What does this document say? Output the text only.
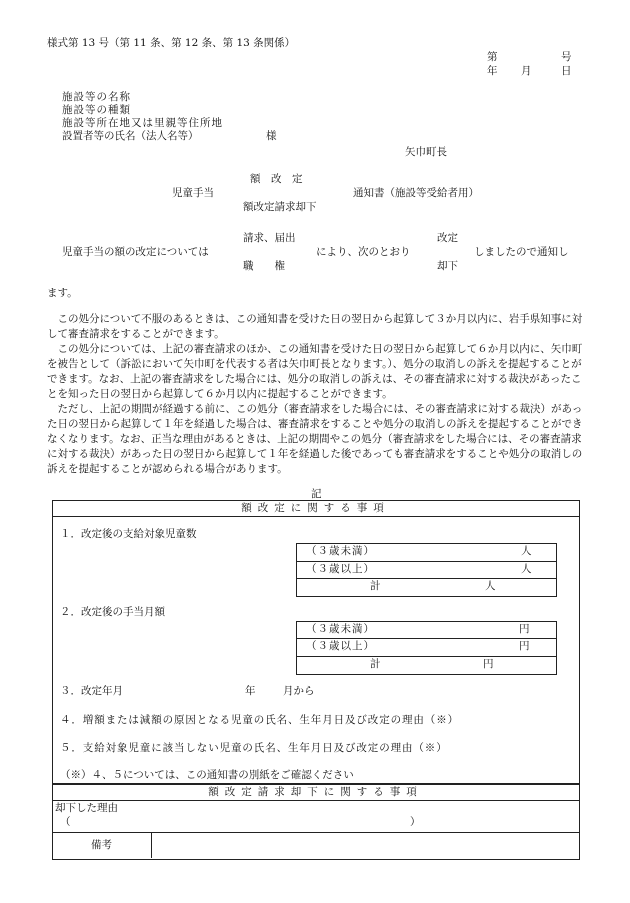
様式第 13 号（第 11 条、第 12 条、第 13 条関係）
第	号
年 月	日
施設等の名称
施設等の種類
施設等所在地又は里親等住所地
設置者等の氏名（法人名等）	様
矢巾町長
額　改　定
児童手当	通知書（施設等受給者用）
額改定請求却下
請求、届出	改定
児童手当の額の改定については	により、次のとおり	しましたので通知し
職　　権	却下
ます。

この処分について不服のあるときは、この通知書を受けた日の翌日から起算して３か月以内に、岩手県知事に対して審査請求をすることができます。

この処分については、上記の審査請求のほか、この通知書を受けた日の翌日から起算して６か月以内に、矢巾町を被告として（訴訟において矢巾町を代表する者は矢巾町長となります。）、処分の取消しの訴えを提起することができます。なお、上記の審査請求をした場合には、処分の取消しの訴えは、その審査請求に対する裁決があったことを知った日の翌日から起算して６か月以内に提起することができます。

ただし、上記の期間が経過する前に、この処分（審査請求をした場合には、その審査請求に対する裁決）があった日の翌日から起算して１年を経過した場合は、審査請求をすることや処分の取消しの訴えを提起することができなくなります。なお、正当な理由があるときは、上記の期間やこの処分（審査請求をした場合には、その審査請求に対する裁決）があった日の翌日から起算して１年を経過した後であっても審査請求をすることや処分の取消しの訴えを提起することが認められる場合があります。

記
額改定に関する事項
１．改定後の支給対象児童数
（３歳未満）	人
（３歳以上）	人
計	人
２．改定後の手当月額
（３歳未満）	円
（３歳以上）	円
計	円
３．改定年月	年	月から
４．増額または減額の原因となる児童の氏名、生年月日及び改定の理由（※）
５．支給対象児童に該当しない児童の氏名、生年月日及び改定の理由（※）
（※）４、５については、この通知書の別紙をご確認ください
額改定請求却下に関する事項
却下した理由
（	）
備考
